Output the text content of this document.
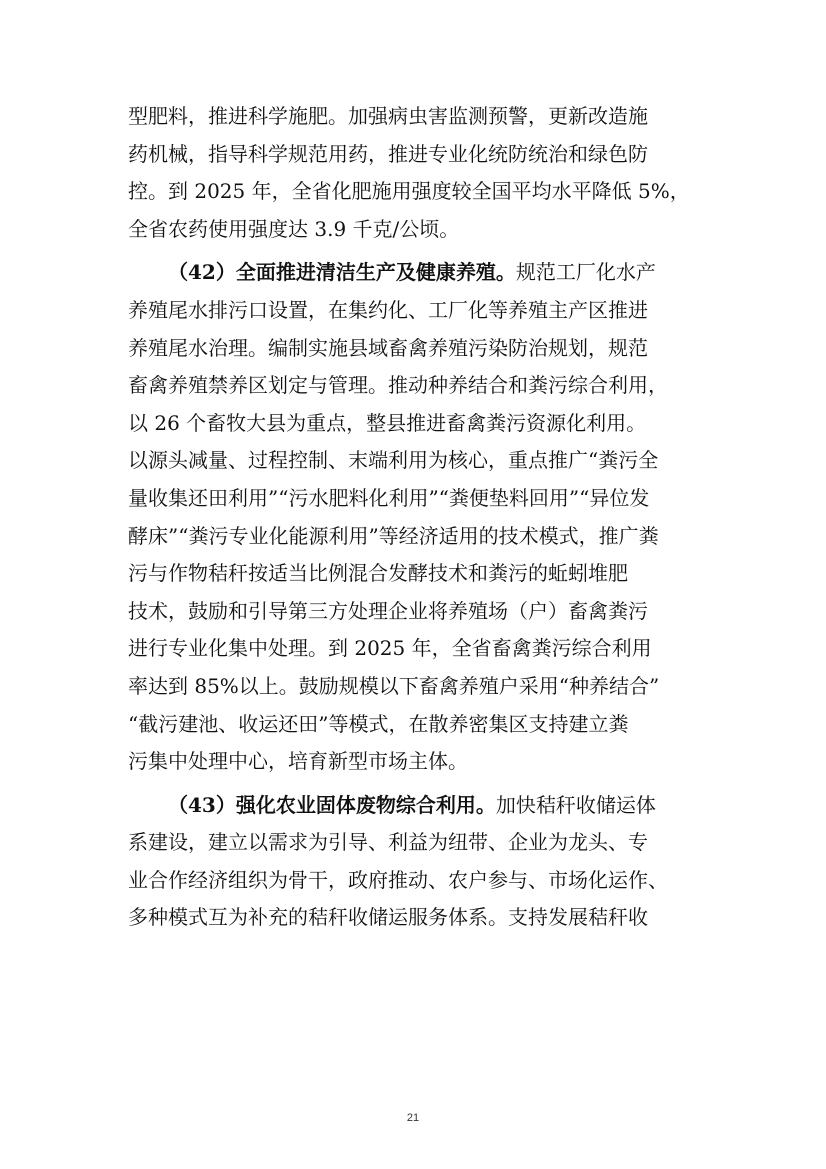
型肥料，推进科学施肥。加强病虫害监测预警，更新改造施
药机械，指导科学规范用药，推进专业化统防统治和绿色防
控。到 2025 年，全省化肥施用强度较全国平均水平降低 5%，
全省农药使用强度达 3.9 千克/公顷。

（42）全面推进清洁生产及健康养殖。规范工厂化水产
养殖尾水排污口设置，在集约化、工厂化等养殖主产区推进
养殖尾水治理。编制实施县域畜禽养殖污染防治规划，规范
畜禽养殖禁养区划定与管理。推动种养结合和粪污综合利用，
以 26 个畜牧大县为重点，整县推进畜禽粪污资源化利用。
以源头减量、过程控制、末端利用为核心，重点推广“粪污全
量收集还田利用”“污水肥料化利用”“粪便垫料回用”“异位发
酵床”“粪污专业化能源利用”等经济适用的技术模式，推广粪
污与作物秸秆按适当比例混合发酵技术和粪污的蚯蚓堆肥
技术，鼓励和引导第三方处理企业将养殖场（户）畜禽粪污
进行专业化集中处理。到 2025 年，全省畜禽粪污综合利用
率达到 85%以上。鼓励规模以下畜禽养殖户采用“种养结合”
“截污建池、收运还田”等模式，在散养密集区支持建立粪
污集中处理中心，培育新型市场主体。

（43）强化农业固体废物综合利用。加快秸秆收储运体
系建设，建立以需求为引导、利益为纽带、企业为龙头、专
业合作经济组织为骨干，政府推动、农户参与、市场化运作、
多种模式互为补充的秸秆收储运服务体系。支持发展秸秆收

21
